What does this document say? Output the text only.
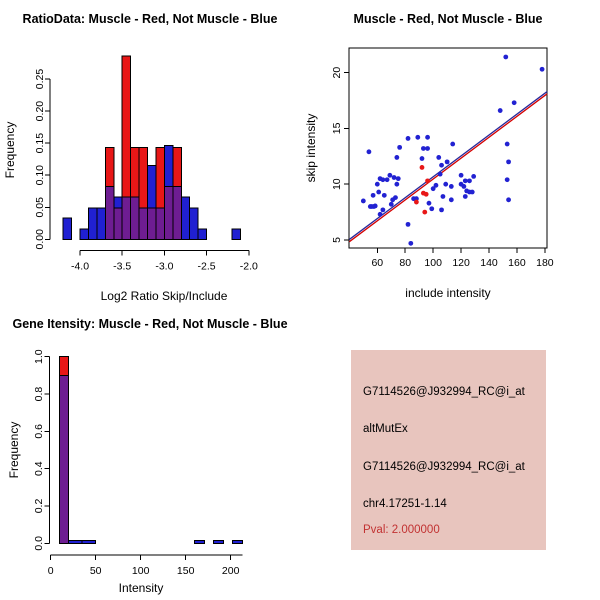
RatioData: Muscle - Red, Not Muscle - Blue
Log2 Ratio Skip/Include
Frequency
0.00
0.05
0.10
0.15
0.20
0.25
-4.0 -3.5 -3.0 -2.5 -2.0
Muscle - Red, Not Muscle - Blue
include intensity
skip intensity
60 80 100 120 140 160 180
5
10
15
20
Gene Itensity: Muscle - Red, Not Muscle - Blue
Intensity
Frequency
0.0
0.2
0.4
0.6
0.8
1.0
0	50	100	150	200
G7114526@J932994_RC@i_at
altMutEx
G7114526@J932994_RC@i_at
chr4.17251-1.14
Pval: 2.000000
